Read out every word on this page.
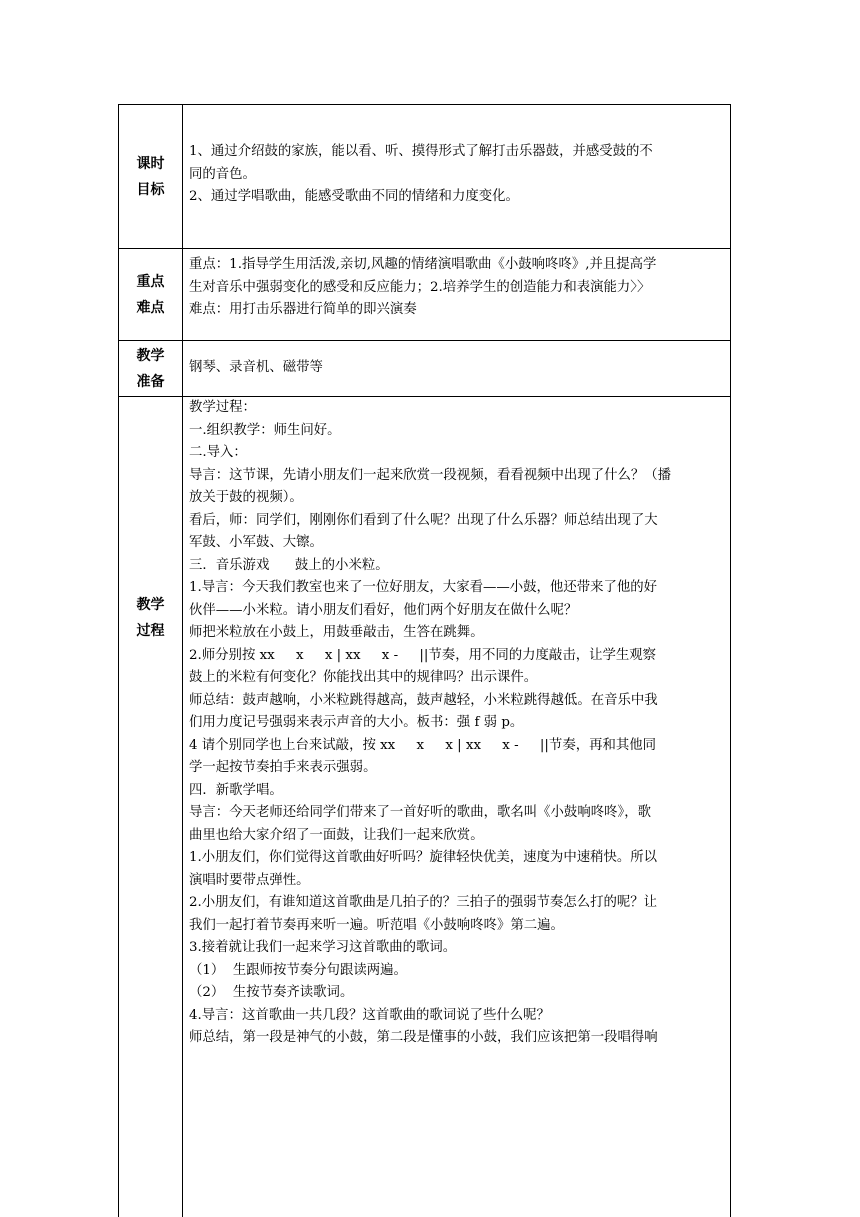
课时
目标

1、通过介绍鼓的家族，能以看、听、摸得形式了解打击乐器鼓，并感受鼓的不

同的音色。

2、通过学唱歌曲，能感受歌曲不同的情绪和力度变化。

重点
难点

重点：1.指导学生用活泼,亲切,风趣的情绪演唱歌曲《小鼓响咚咚》,并且提高学

生对音乐中强弱变化的感受和反应能力；2.培养学生的创造能力和表演能力〉〉

难点：用打击乐器进行简单的即兴演奏

教学
准备

钢琴、录音机、磁带等

教学
过程

教学过程：

一.组织教学：师生问好。

二.导入：

导言：这节课，先请小朋友们一起来欣赏一段视频，看看视频中出现了什么？（播

放关于鼓的视频）。

看后，师：同学们，刚刚你们看到了什么呢？出现了什么乐器？师总结出现了大

军鼓、小军鼓、大镲。

三．音乐游戏      鼓上的小米粒。

1.导言：今天我们教室也来了一位好朋友，大家看——小鼓，他还带来了他的好

伙伴——小米粒。请小朋友们看好，他们两个好朋友在做什么呢？

师把米粒放在小鼓上，用鼓垂敲击，生答在跳舞。

2.师分别按 xx     x     x | xx     x -     ||节奏，用不同的力度敲击，让学生观察

鼓上的米粒有何变化？你能找出其中的规律吗？出示课件。

师总结：鼓声越响，小米粒跳得越高，鼓声越轻，小米粒跳得越低。在音乐中我

们用力度记号强弱来表示声音的大小。板书：强 f 弱 p。

4 请个别同学也上台来试敲，按 xx     x     x | xx     x -     ||节奏，再和其他同

学一起按节奏拍手来表示强弱。

四．新歌学唱。

导言：今天老师还给同学们带来了一首好听的歌曲，歌名叫《小鼓响咚咚》，歌

曲里也给大家介绍了一面鼓，让我们一起来欣赏。

1.小朋友们，你们觉得这首歌曲好听吗？旋律轻快优美，速度为中速稍快。所以

演唱时要带点弹性。

2.小朋友们，有谁知道这首歌曲是几拍子的？三拍子的强弱节奏怎么打的呢？让

我们一起打着节奏再来听一遍。听范唱《小鼓响咚咚》第二遍。

3.接着就让我们一起来学习这首歌曲的歌词。

（1）  生跟师按节奏分句跟读两遍。

（2）  生按节奏齐读歌词。

4.导言：这首歌曲一共几段？这首歌曲的歌词说了些什么呢？

师总结，第一段是神气的小鼓，第二段是懂事的小鼓，我们应该把第一段唱得响
